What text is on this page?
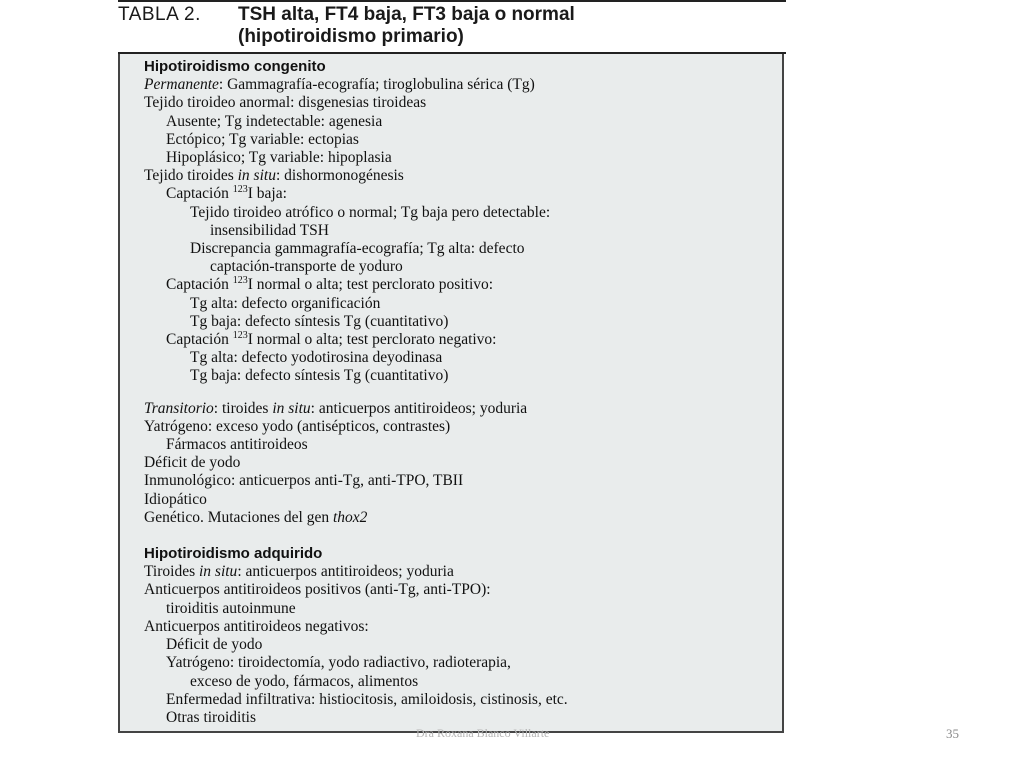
TABLA 2. TSH alta, FT4 baja, FT3 baja o normal
(hipotiroidismo primario)
Hipotiroidismo congenito
Permanente: Gammagrafía-ecografía; tiroglobulina sérica (Tg)
Tejido tiroideo anormal: disgenesias tiroideas
Ausente; Tg indetectable: agenesia
Ectópico; Tg variable: ectopias
Hipoplásico; Tg variable: hipoplasia
Tejido tiroides in situ: dishormonogénesis
Captación $^{123}$I baja:
Tejido tiroideo atrófico o normal; Tg baja pero detectable:
insensibilidad TSH
Discrepancia gammagrafía-ecografía; Tg alta: defecto
captación-transporte de yoduro
Captación $^{123}$I normal o alta; test perclorato positivo:
Tg alta: defecto organificación
Tg baja: defecto síntesis Tg (cuantitativo)
Captación $^{123}$I normal o alta; test perclorato negativo:
Tg alta: defecto yodotirosina deyodinasa
Tg baja: defecto síntesis Tg (cuantitativo)
Transitorio: tiroides in situ: anticuerpos antitiroideos; yoduria
Yatrógeno: exceso yodo (antisépticos, contrastes)
Fármacos antitiroideos
Déficit de yodo
Inmunológico: anticuerpos anti-Tg, anti-TPO, TBII
Idiopático
Genético. Mutaciones del gen thox2
Hipotiroidismo adquirido
Tiroides in situ: anticuerpos antitiroideos; yoduria
Anticuerpos antitiroideos positivos (anti-Tg, anti-TPO):
tiroiditis autoinmune
Anticuerpos antitiroideos negativos:
Déficit de yodo
Yatrógeno: tiroidectomía, yodo radiactivo, radioterapia,
exceso de yodo, fármacos, alimentos
Enfermedad infiltrativa: histiocitosis, amiloidosis, cistinosis, etc.
Otras tiroiditis
Dra Roxana Blanco Villarte	35
